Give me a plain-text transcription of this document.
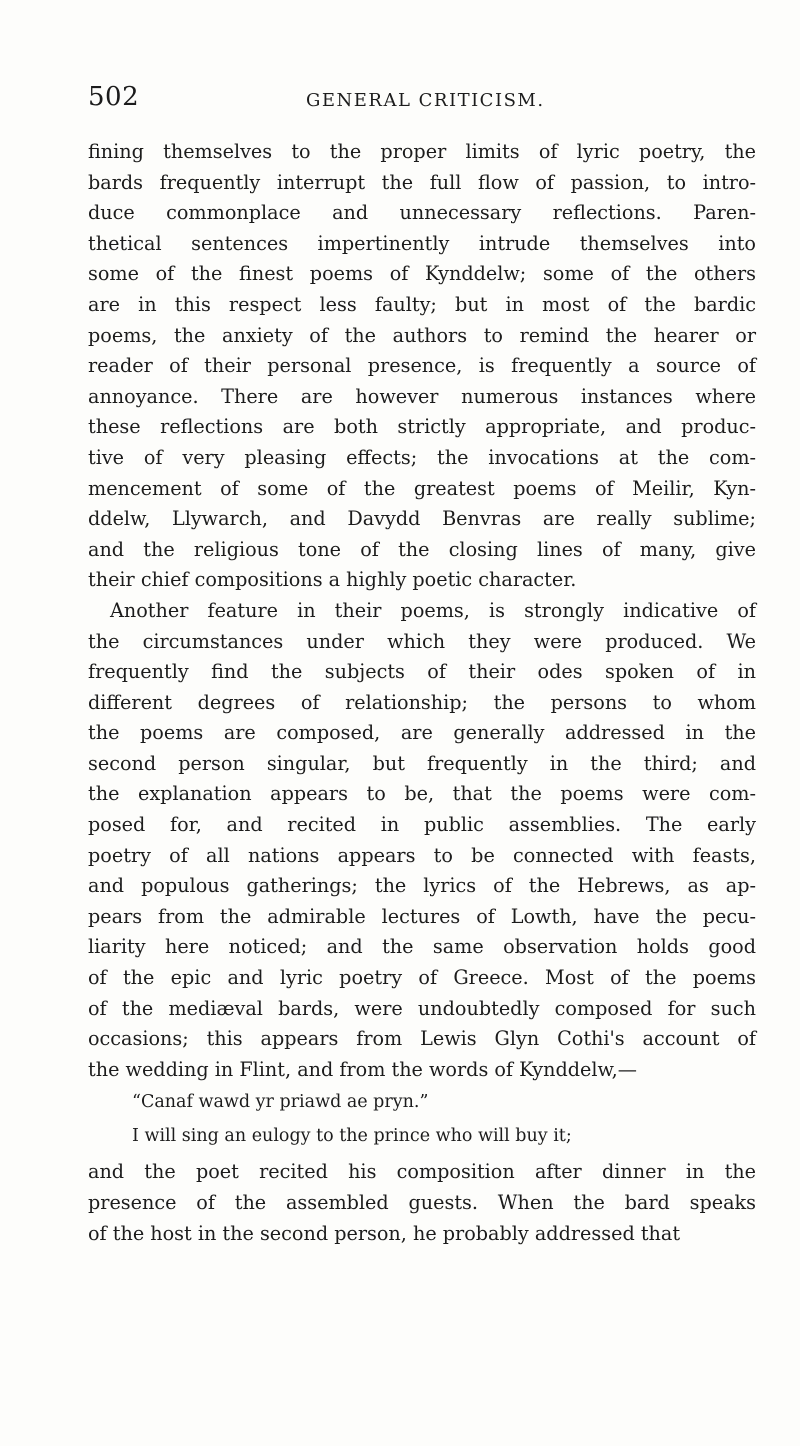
502	GENERAL CRITICISM.
fining themselves to the proper limits of lyric poetry, the
bards frequently interrupt the full flow of passion, to intro-
duce commonplace and unnecessary reflections. Paren-
thetical sentences impertinently intrude themselves into
some of the finest poems of Kynddelw; some of the others
are in this respect less faulty; but in most of the bardic
poems, the anxiety of the authors to remind the hearer or
reader of their personal presence, is frequently a source of
annoyance. There are however numerous instances where
these reflections are both strictly appropriate, and produc-
tive of very pleasing effects; the invocations at the com-
mencement of some of the greatest poems of Meilir, Kyn-
ddelw, Llywarch, and Davydd Benvras are really sublime;
and the religious tone of the closing lines of many, give
their chief compositions a highly poetic character.
Another feature in their poems, is strongly indicative of
the circumstances under which they were produced. We
frequently find the subjects of their odes spoken of in
different degrees of relationship; the persons to whom
the poems are composed, are generally addressed in the
second person singular, but frequently in the third; and
the explanation appears to be, that the poems were com-
posed for, and recited in public assemblies. The early
poetry of all nations appears to be connected with feasts,
and populous gatherings; the lyrics of the Hebrews, as ap-
pears from the admirable lectures of Lowth, have the pecu-
liarity here noticed; and the same observation holds good
of the epic and lyric poetry of Greece. Most of the poems
of the mediæval bards, were undoubtedly composed for such
occasions; this appears from Lewis Glyn Cothi's account of
the wedding in Flint, and from the words of Kynddelw,—
“Canaf wawd yr priawd ae pryn.”
I will sing an eulogy to the prince who will buy it;
and the poet recited his composition after dinner in the
presence of the assembled guests. When the bard speaks
of the host in the second person, he probably addressed that
